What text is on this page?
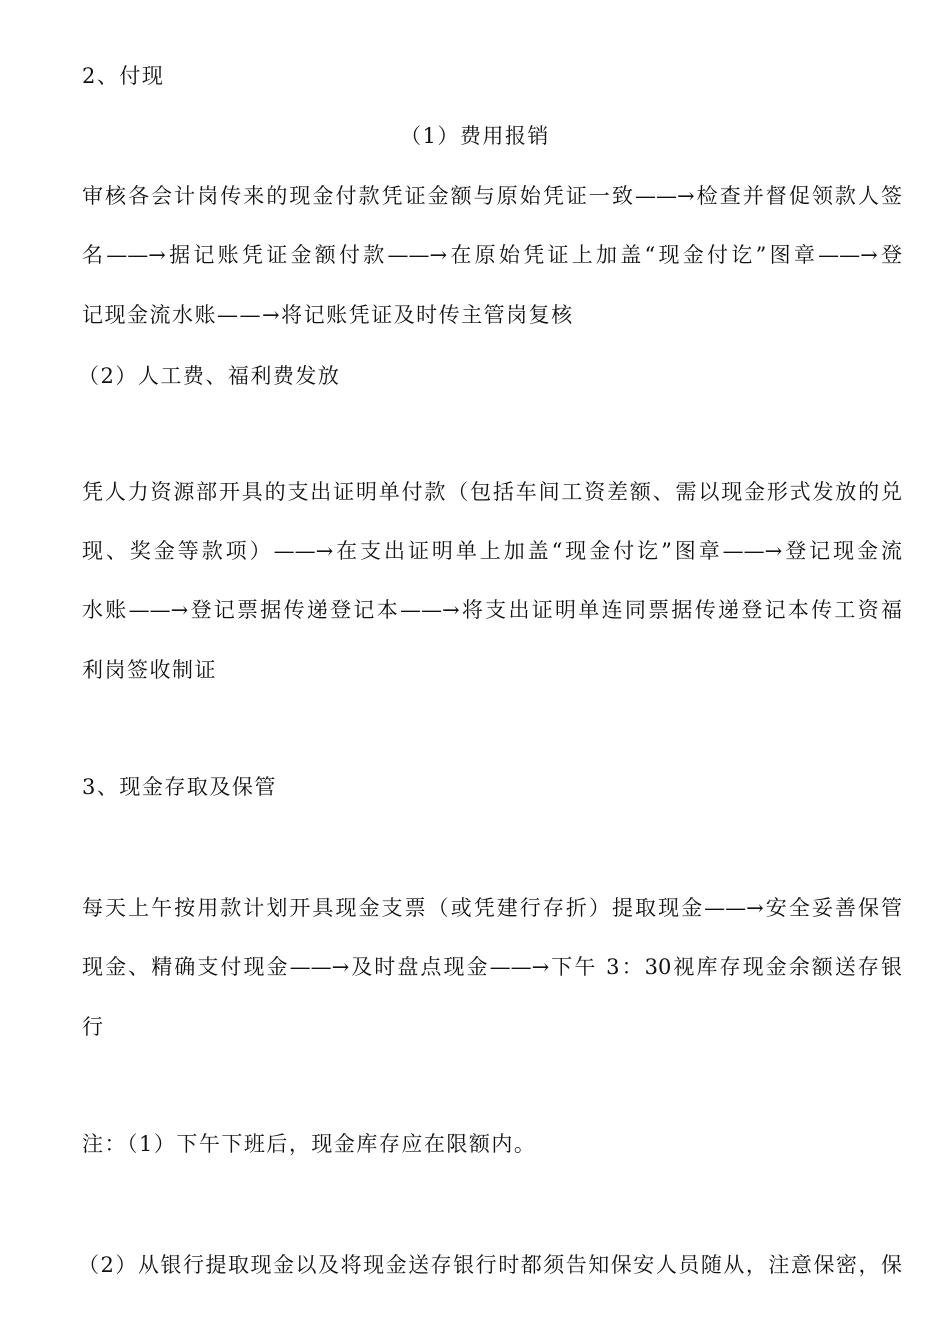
2、付现
（1）费用报销
审核各会计岗传来的现金付款凭证金额与原始凭证一致——→检查并督促领款人签
名——→据记账凭证金额付款——→在原始凭证上加盖“现金付讫”图章——→登
记现金流水账——→将记账凭证及时传主管岗复核
（2）人工费、福利费发放
凭人力资源部开具的支出证明单付款（包括车间工资差额、需以现金形式发放的兑
现、奖金等款项）——→在支出证明单上加盖“现金付讫”图章——→登记现金流
水账——→登记票据传递登记本——→将支出证明单连同票据传递登记本传工资福
利岗签收制证
3、现金存取及保管
每天上午按用款计划开具现金支票（或凭建行存折）提取现金——→安全妥善保管
现金、精确支付现金——→及时盘点现金——→下午 3：30视库存现金余额送存银
行
注：（1）下午下班后，现金库存应在限额内。
（2）从银行提取现金以及将现金送存银行时都须告知保安人员随从，注意保密，保
